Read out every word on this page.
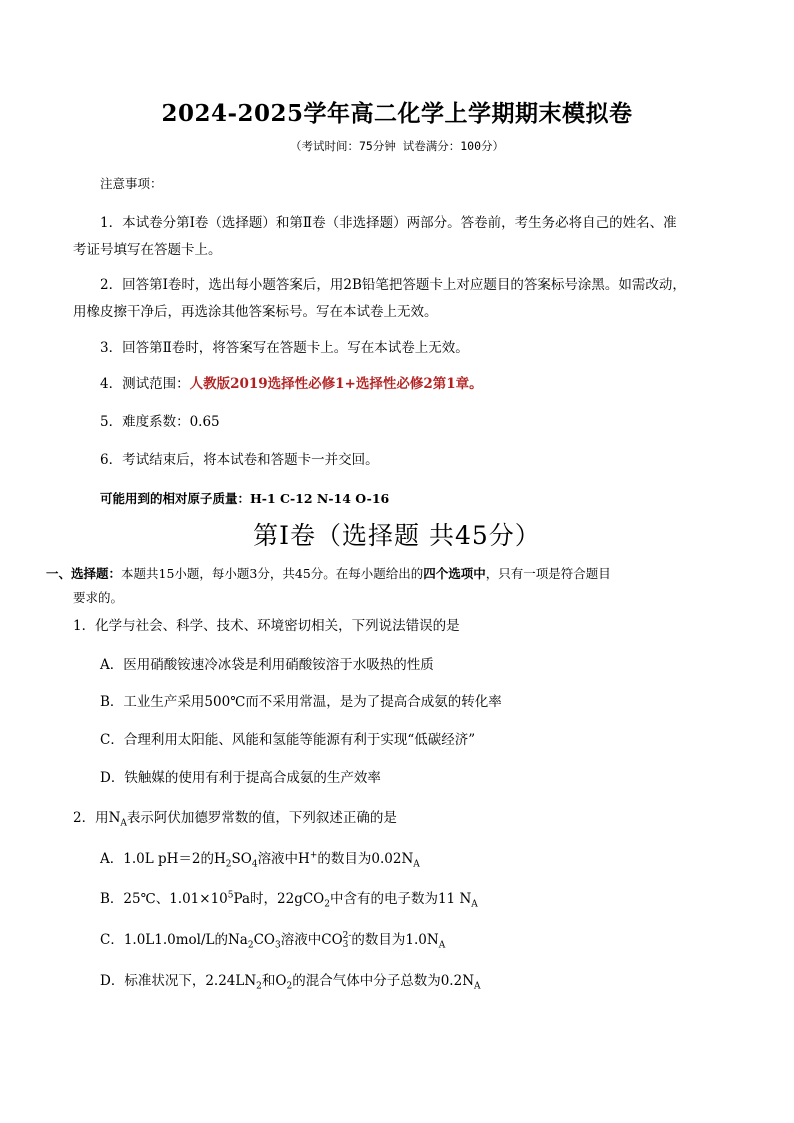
2024-2025学年高二化学上学期期末模拟卷
（考试时间：75分钟 试卷满分：100分）
注意事项：
1．本试卷分第Ⅰ卷（选择题）和第Ⅱ卷（非选择题）两部分。答卷前，考生务必将自己的姓名、准
考证号填写在答题卡上。
2．回答第Ⅰ卷时，选出每小题答案后，用2B铅笔把答题卡上对应题目的答案标号涂黑。如需改动，
用橡皮擦干净后，再选涂其他答案标号。写在本试卷上无效。
3．回答第Ⅱ卷时，将答案写在答题卡上。写在本试卷上无效。
4．测试范围：人教版2019选择性必修1+选择性必修2第1章。
5．难度系数：0.65
6．考试结束后，将本试卷和答题卡一并交回。
可能用到的相对原子质量：H-1 C-12 N-14 O-16
第Ⅰ卷（选择题 共45分）
一、选择题：本题共15小题，每小题3分，共45分。在每小题给出的四个选项中，只有一项是符合题目
要求的。
1．化学与社会、科学、技术、环境密切相关，下列说法错误的是
A．医用硝酸铵速冷冰袋是利用硝酸铵溶于水吸热的性质
B．工业生产采用500℃而不采用常温，是为了提高合成氨的转化率
C．合理利用太阳能、风能和氢能等能源有利于实现“低碳经济”
D．铁触媒的使用有利于提高合成氨的生产效率
2．用$N_A$表示阿伏加德罗常数的值，下列叙述正确的是
A．1.0L pH＝2的$H_2SO_4$溶液中H+的数目为$0.02N_A$
B．25℃、$1.01\times 10^5Pa$时，22gCO$_2$中含有的电子数为11 $N_A$
C．1.0L1.0mol/L的$Na_2CO_3$溶液中CO 2-
3 的数目为$1.0N_A$
D．标准状况下，$2.24LN_2$和$O_2$的混合气体中分子总数为$0.2N_A$
